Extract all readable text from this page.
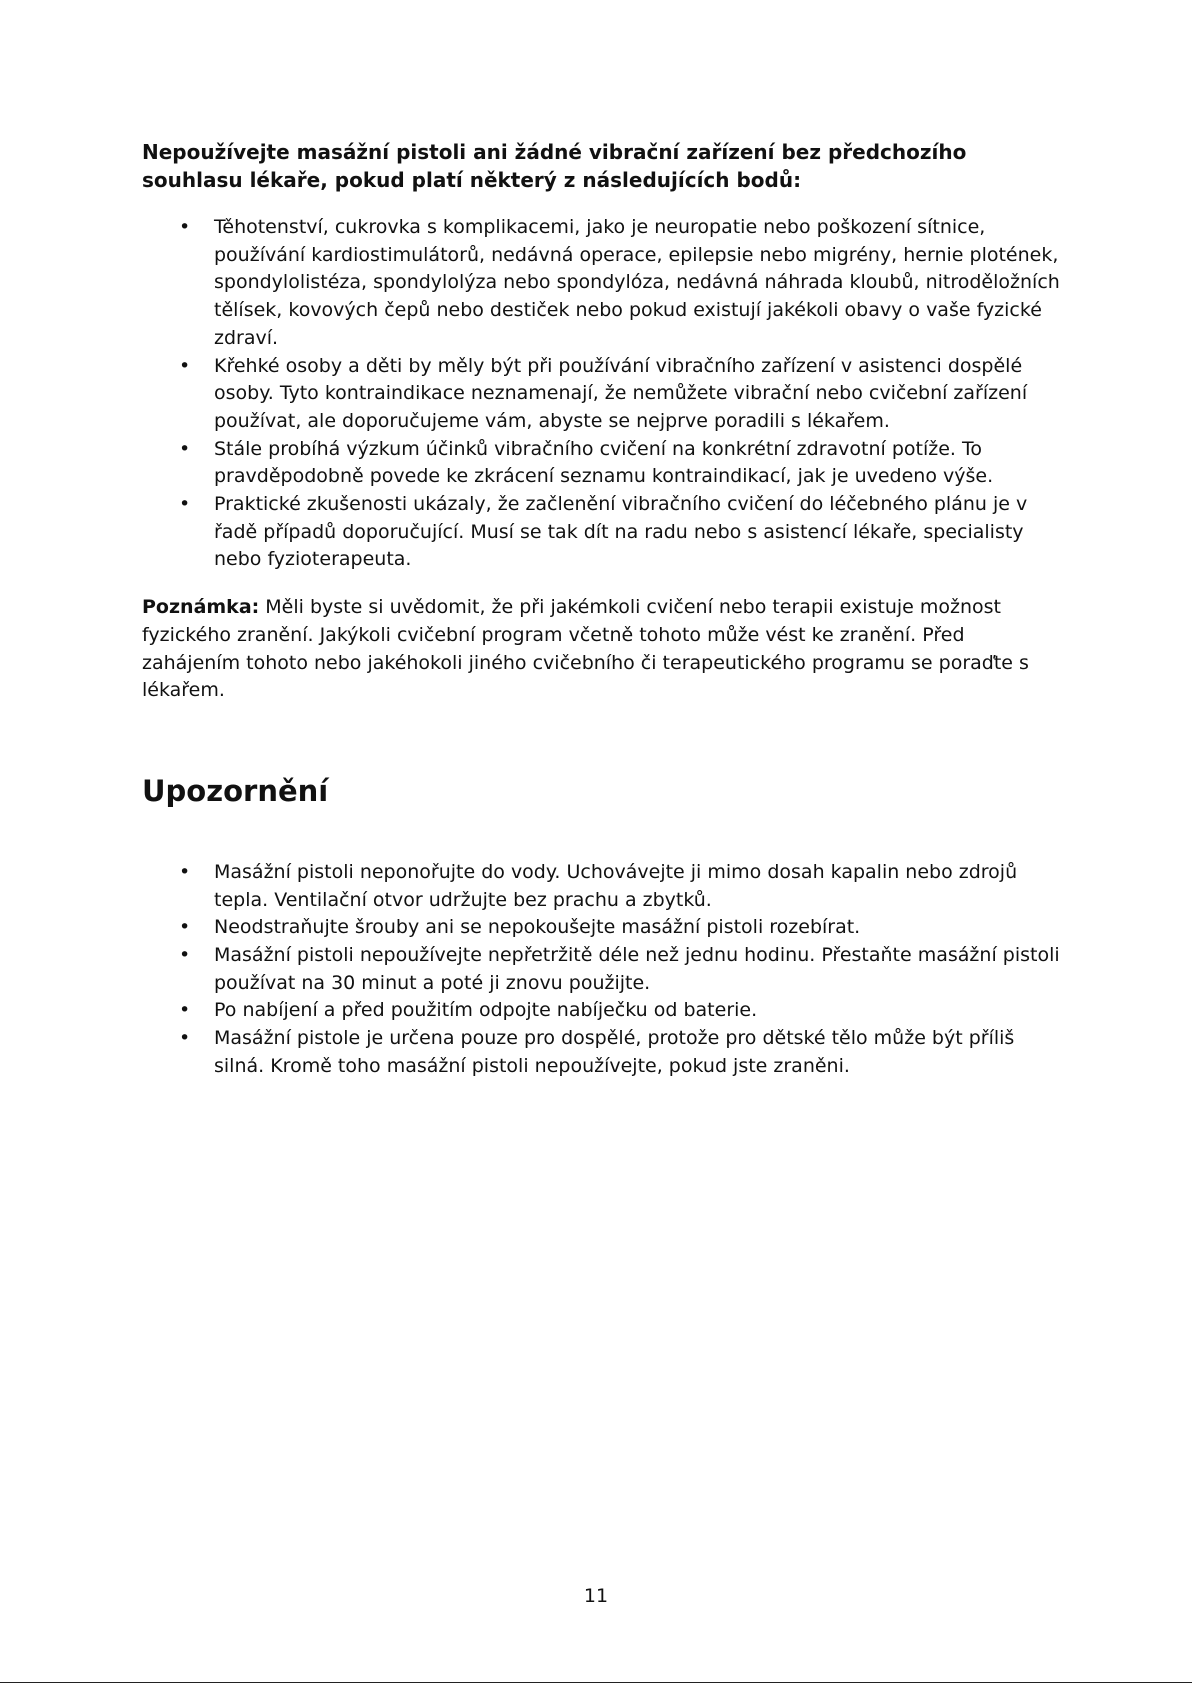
Nepoužívejte masážní pistoli ani žádné vibrační zařízení bez předchozího souhlasu lékaře, pokud platí některý z následujících bodů:

• Těhotenství, cukrovka s komplikacemi, jako je neuropatie nebo poškození sítnice, používání kardiostimulátorů, nedávná operace, epilepsie nebo migrény, hernie plotének, spondylolistéza, spondylolýza nebo spondylóza, nedávná náhrada kloubů, nitroděložních tělísek, kovových čepů nebo destiček nebo pokud existují jakékoli obavy o vaše fyzické zdraví.
• Křehké osoby a děti by měly být při používání vibračního zařízení v asistenci dospělé osoby. Tyto kontraindikace neznamenají, že nemůžete vibrační nebo cvičební zařízení používat, ale doporučujeme vám, abyste se nejprve poradili s lékařem.
• Stále probíhá výzkum účinků vibračního cvičení na konkrétní zdravotní potíže. To pravděpodobně povede ke zkrácení seznamu kontraindikací, jak je uvedeno výše.
• Praktické zkušenosti ukázaly, že začlenění vibračního cvičení do léčebného plánu je v řadě případů doporučující. Musí se tak dít na radu nebo s asistencí lékaře, specialisty nebo fyzioterapeuta.

Poznámka: Měli byste si uvědomit, že při jakémkoli cvičení nebo terapii existuje možnost fyzického zranění. Jakýkoli cvičební program včetně tohoto může vést ke zranění. Před zahájením tohoto nebo jakéhokoli jiného cvičebního či terapeutického programu se poraďte s lékařem.

Upozornění
• Masážní pistoli neponořujte do vody. Uchovávejte ji mimo dosah kapalin nebo zdrojů tepla. Ventilační otvor udržujte bez prachu a zbytků.
• Neodstraňujte šrouby ani se nepokoušejte masážní pistoli rozebírat.
• Masážní pistoli nepoužívejte nepřetržitě déle než jednu hodinu. Přestaňte masážní pistoli používat na 30 minut a poté ji znovu použijte.
• Po nabíjení a před použitím odpojte nabíječku od baterie.
• Masážní pistole je určena pouze pro dospělé, protože pro dětské tělo může být příliš silná. Kromě toho masážní pistoli nepoužívejte, pokud jste zraněni.
11
